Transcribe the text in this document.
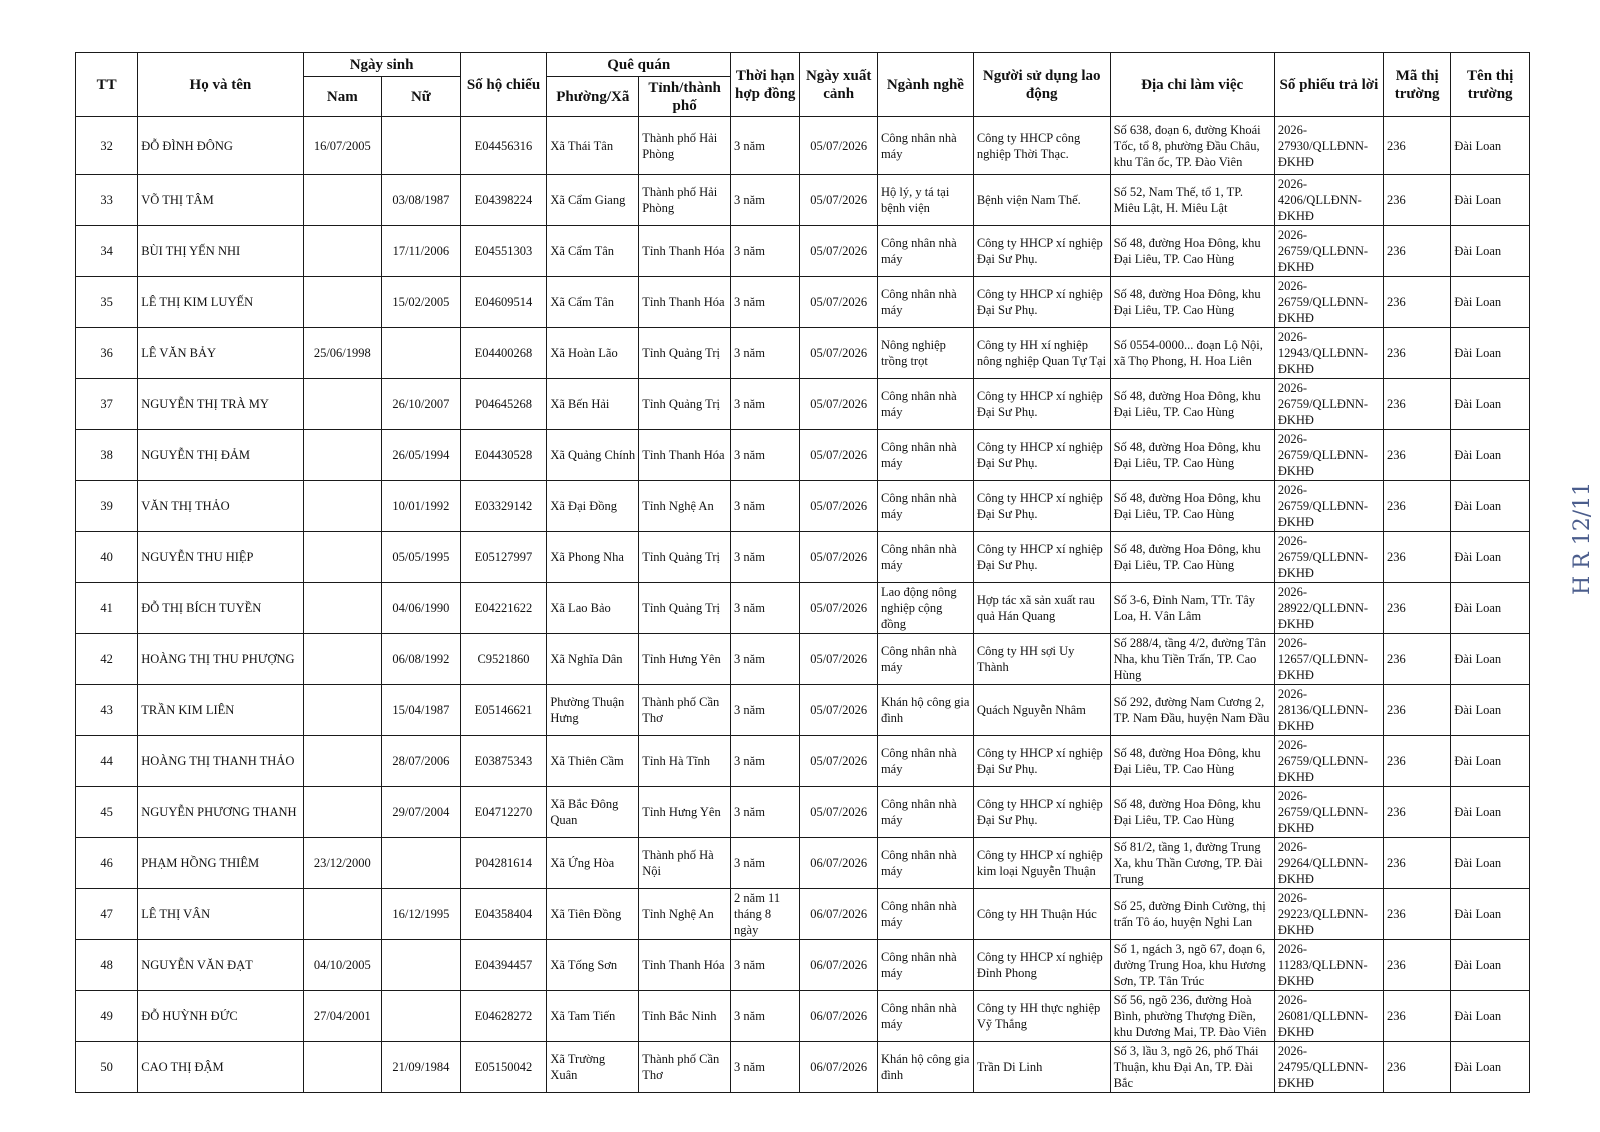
TT	Họ và tên	Ngày sinh		Số hộ chiếu	Quê quán		Thời hạn hợp đồng	Ngày xuất cảnh	Ngành nghề	Người sử dụng lao động	Địa chỉ làm việc	Số phiếu trả lời	Mã thị trường	Tên thị trường
		Nam	Nữ		Phường/Xã	Tỉnh/thành phố								
32	ĐỖ ĐÌNH ĐÔNG	16/07/2005		E04456316	Xã Thái Tân	Thành phố Hải Phòng	3 năm	05/07/2026	Công nhân nhà máy	Công ty HHCP công nghiệp Thời Thạc.	Số 638, đoạn 6, đường Khoái Tốc, tổ 8, phường Đầu Châu, khu Tân ốc, TP. Đào Viên	2026-27930/QLLĐNN-ĐKHĐ	236	Đài Loan
33	VÕ THỊ TÂM		03/08/1987	E04398224	Xã Cẩm Giang	Thành phố Hải Phòng	3 năm	05/07/2026	Hộ lý, y tá tại bệnh viện	Bệnh viện Nam Thế.	Số 52, Nam Thế, tổ 1, TP. Miêu Lật, H. Miêu Lật	2026-4206/QLLĐNN-ĐKHĐ	236	Đài Loan
34	BÙI THỊ YẾN NHI		17/11/2006	E04551303	Xã Cẩm Tân	Tỉnh Thanh Hóa	3 năm	05/07/2026	Công nhân nhà máy	Công ty HHCP xí nghiệp Đại Sư Phụ.	Số 48, đường Hoa Đông, khu Đại Liêu, TP. Cao Hùng	2026-26759/QLLĐNN-ĐKHĐ	236	Đài Loan
35	LÊ THỊ KIM LUYẾN		15/02/2005	E04609514	Xã Cẩm Tân	Tỉnh Thanh Hóa	3 năm	05/07/2026	Công nhân nhà máy	Công ty HHCP xí nghiệp Đại Sư Phụ.	Số 48, đường Hoa Đông, khu Đại Liêu, TP. Cao Hùng	2026-26759/QLLĐNN-ĐKHĐ	236	Đài Loan
36	LÊ VĂN BẢY	25/06/1998		E04400268	Xã Hoàn Lão	Tỉnh Quảng Trị	3 năm	05/07/2026	Nông nghiệp trồng trọt	Công ty HH xí nghiệp nông nghiệp Quan Tự Tại	Số 0554-0000... đoạn Lộ Nội, xã Thọ Phong, H. Hoa Liên	2026-12943/QLLĐNN-ĐKHĐ	236	Đài Loan
37	NGUYỄN THỊ TRÀ MY		26/10/2007	P04645268	Xã Bến Hải	Tỉnh Quảng Trị	3 năm	05/07/2026	Công nhân nhà máy	Công ty HHCP xí nghiệp Đại Sư Phụ.	Số 48, đường Hoa Đông, khu Đại Liêu, TP. Cao Hùng	2026-26759/QLLĐNN-ĐKHĐ	236	Đài Loan
38	NGUYỄN THỊ ĐẢM		26/05/1994	E04430528	Xã Quảng Chính	Tỉnh Thanh Hóa	3 năm	05/07/2026	Công nhân nhà máy	Công ty HHCP xí nghiệp Đại Sư Phụ.	Số 48, đường Hoa Đông, khu Đại Liêu, TP. Cao Hùng	2026-26759/QLLĐNN-ĐKHĐ	236	Đài Loan
39	VĂN THỊ THẢO		10/01/1992	E03329142	Xã Đại Đồng	Tỉnh Nghệ An	3 năm	05/07/2026	Công nhân nhà máy	Công ty HHCP xí nghiệp Đại Sư Phụ.	Số 48, đường Hoa Đông, khu Đại Liêu, TP. Cao Hùng	2026-26759/QLLĐNN-ĐKHĐ	236	Đài Loan
40	NGUYỄN THU HIỆP		05/05/1995	E05127997	Xã Phong Nha	Tỉnh Quảng Trị	3 năm	05/07/2026	Công nhân nhà máy	Công ty HHCP xí nghiệp Đại Sư Phụ.	Số 48, đường Hoa Đông, khu Đại Liêu, TP. Cao Hùng	2026-26759/QLLĐNN-ĐKHĐ	236	Đài Loan
41	ĐỖ THỊ BÍCH TUYỀN		04/06/1990	E04221622	Xã Lao Bảo	Tỉnh Quảng Trị	3 năm	05/07/2026	Lao động nông nghiệp cộng đồng	Hợp tác xã sản xuất rau quả Hán Quang	Số 3-6, Đỉnh Nam, TTr. Tây Loa, H. Vân Lâm	2026-28922/QLLĐNN-ĐKHĐ	236	Đài Loan
42	HOÀNG THỊ THU PHƯỢNG		06/08/1992	C9521860	Xã Nghĩa Dân	Tỉnh Hưng Yên	3 năm	05/07/2026	Công nhân nhà máy	Công ty HH sợi Uy Thành	Số 288/4, tầng 4/2, đường Tân Nha, khu Tiền Trấn, TP. Cao Hùng	2026-12657/QLLĐNN-ĐKHĐ	236	Đài Loan
43	TRẦN KIM LIÊN		15/04/1987	E05146621	Phường Thuận Hưng	Thành phố Cần Thơ	3 năm	05/07/2026	Khán hộ công gia đình	Quách Nguyễn Nhâm	Số 292, đường Nam Cương 2, TP. Nam Đầu, huyện Nam Đầu	2026-28136/QLLĐNN-ĐKHĐ	236	Đài Loan
44	HOÀNG THỊ THANH THẢO		28/07/2006	E03875343	Xã Thiên Cầm	Tỉnh Hà Tĩnh	3 năm	05/07/2026	Công nhân nhà máy	Công ty HHCP xí nghiệp Đại Sư Phụ.	Số 48, đường Hoa Đông, khu Đại Liêu, TP. Cao Hùng	2026-26759/QLLĐNN-ĐKHĐ	236	Đài Loan
45	NGUYỄN PHƯƠNG THANH		29/07/2004	E04712270	Xã Bắc Đông Quan	Tỉnh Hưng Yên	3 năm	05/07/2026	Công nhân nhà máy	Công ty HHCP xí nghiệp Đại Sư Phụ.	Số 48, đường Hoa Đông, khu Đại Liêu, TP. Cao Hùng	2026-26759/QLLĐNN-ĐKHĐ	236	Đài Loan
46	PHẠM HỒNG THIÊM	23/12/2000		P04281614	Xã Ứng Hòa	Thành phố Hà Nội	3 năm	06/07/2026	Công nhân nhà máy	Công ty HHCP xí nghiệp kim loại Nguyễn Thuận	Số 81/2, tầng 1, đường Trung Xa, khu Thần Cương, TP. Đài Trung	2026-29264/QLLĐNN-ĐKHĐ	236	Đài Loan
47	LÊ THỊ VÂN		16/12/1995	E04358404	Xã Tiên Đồng	Tỉnh Nghệ An	2 năm 11 tháng 8 ngày	06/07/2026	Công nhân nhà máy	Công ty HH Thuận Húc	Số 25, đường Đinh Cường, thị trấn Tô áo, huyện Nghi Lan	2026-29223/QLLĐNN-ĐKHĐ	236	Đài Loan
48	NGUYỄN VĂN ĐẠT	04/10/2005		E04394457	Xã Tống Sơn	Tỉnh Thanh Hóa	3 năm	06/07/2026	Công nhân nhà máy	Công ty HHCP xí nghiệp Đỉnh Phong	Số 1, ngách 3, ngõ 67, đoạn 6, đường Trung Hoa, khu Hương Sơn, TP. Tân Trúc	2026-11283/QLLĐNN-ĐKHĐ	236	Đài Loan
49	ĐỖ HUỲNH ĐỨC	27/04/2001		E04628272	Xã Tam Tiến	Tỉnh Bắc Ninh	3 năm	06/07/2026	Công nhân nhà máy	Công ty HH thực nghiệp Vỹ Thắng	Số 56, ngõ 236, đường Hoà Bình, phường Thượng Điền, khu Dương Mai, TP. Đào Viên	2026-26081/QLLĐNN-ĐKHĐ	236	Đài Loan
50	CAO THỊ ĐẬM		21/09/1984	E05150042	Xã Trường Xuân	Thành phố Cần Thơ	3 năm	06/07/2026	Khán hộ công gia đình	Trần Di Linh	Số 3, lầu 3, ngõ 26, phố Thái Thuận, khu Đại An, TP. Đài Bắc	2026-24795/QLLĐNN-ĐKHĐ	236	Đài Loan
H R 12/11
